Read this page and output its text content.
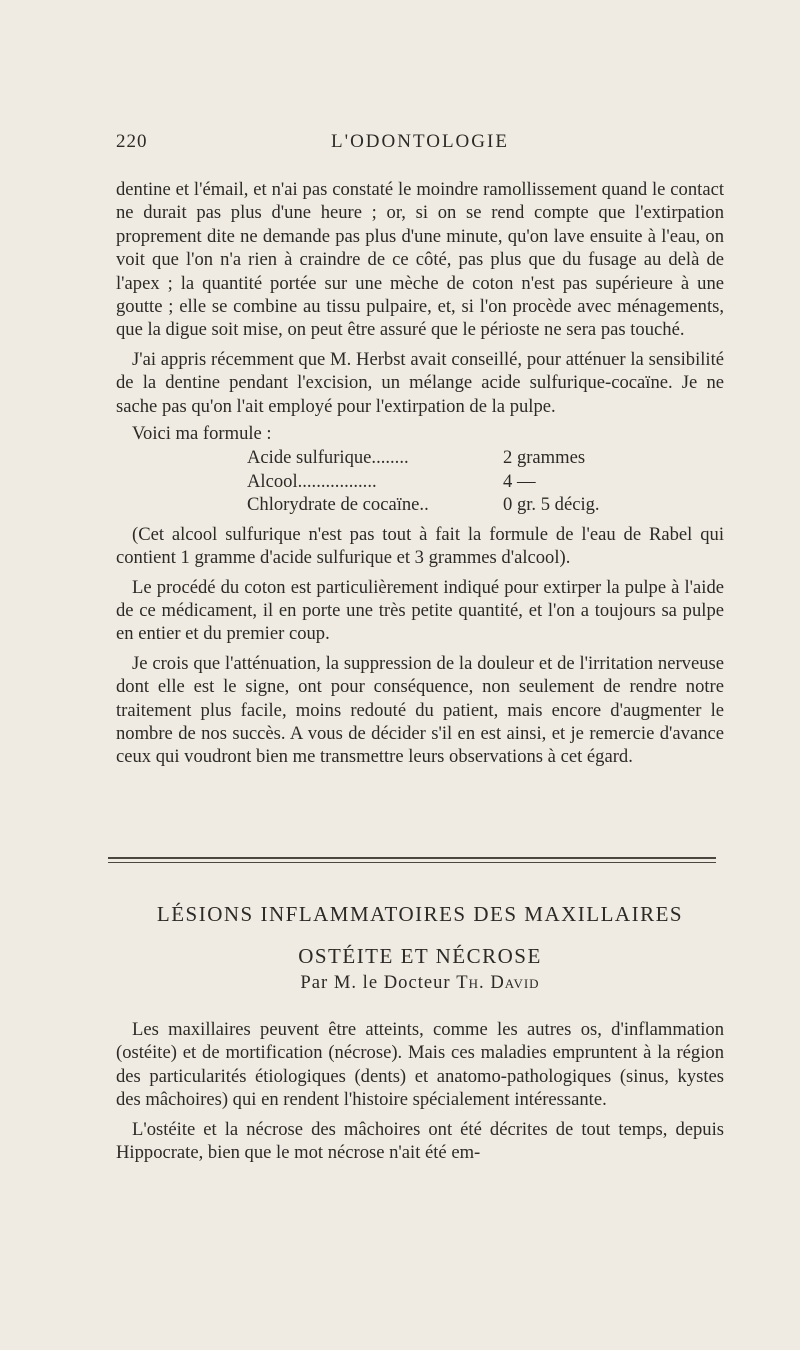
220	L'ODONTOLOGIE

dentine et l'émail, et n'ai pas constaté le moindre ramollissement quand le contact ne durait pas plus d'une heure ; or, si on se rend compte que l'extirpation proprement dite ne demande pas plus d'une minute, qu'on lave ensuite à l'eau, on voit que l'on n'a rien à craindre de ce côté, pas plus que du fusage au delà de l'apex ; la quantité portée sur une mèche de coton n'est pas supérieure à une goutte ; elle se combine au tissu pulpaire, et, si l'on procède avec ménagements, que la digue soit mise, on peut être assuré que le périoste ne sera pas touché.

J'ai appris récemment que M. Herbst avait conseillé, pour atténuer la sensibilité de la dentine pendant l'excision, un mélange acide sulfurique-cocaïne. Je ne sache pas qu'on l'ait employé pour l'extirpation de la pulpe.

Voici ma formule :

Acide sulfurique........	2 grammes
Alcool.................	4 —
Chlorydrate de cocaïne..	0 gr. 5 décig.

(Cet alcool sulfurique n'est pas tout à fait la formule de l'eau de Rabel qui contient 1 gramme d'acide sulfurique et 3 grammes d'alcool).

Le procédé du coton est particulièrement indiqué pour extirper la pulpe à l'aide de ce médicament, il en porte une très petite quantité, et l'on a toujours sa pulpe en entier et du premier coup.

Je crois que l'atténuation, la suppression de la douleur et de l'irritation nerveuse dont elle est le signe, ont pour conséquence, non seulement de rendre notre traitement plus facile, moins redouté du patient, mais encore d'augmenter le nombre de nos succès. A vous de décider s'il en est ainsi, et je remercie d'avance ceux qui voudront bien me transmettre leurs observations à cet égard.

LÉSIONS INFLAMMATOIRES DES MAXILLAIRES
OSTÉITE ET NÉCROSE
Par M. le Docteur Th. David

Les maxillaires peuvent être atteints, comme les autres os, d'inflammation (ostéite) et de mortification (nécrose). Mais ces maladies empruntent à la région des particularités étiologiques (dents) et anatomo-pathologiques (sinus, kystes des mâchoires) qui en rendent l'histoire spécialement intéressante.

L'ostéite et la nécrose des mâchoires ont été décrites de tout temps, depuis Hippocrate, bien que le mot nécrose n'ait été em-
